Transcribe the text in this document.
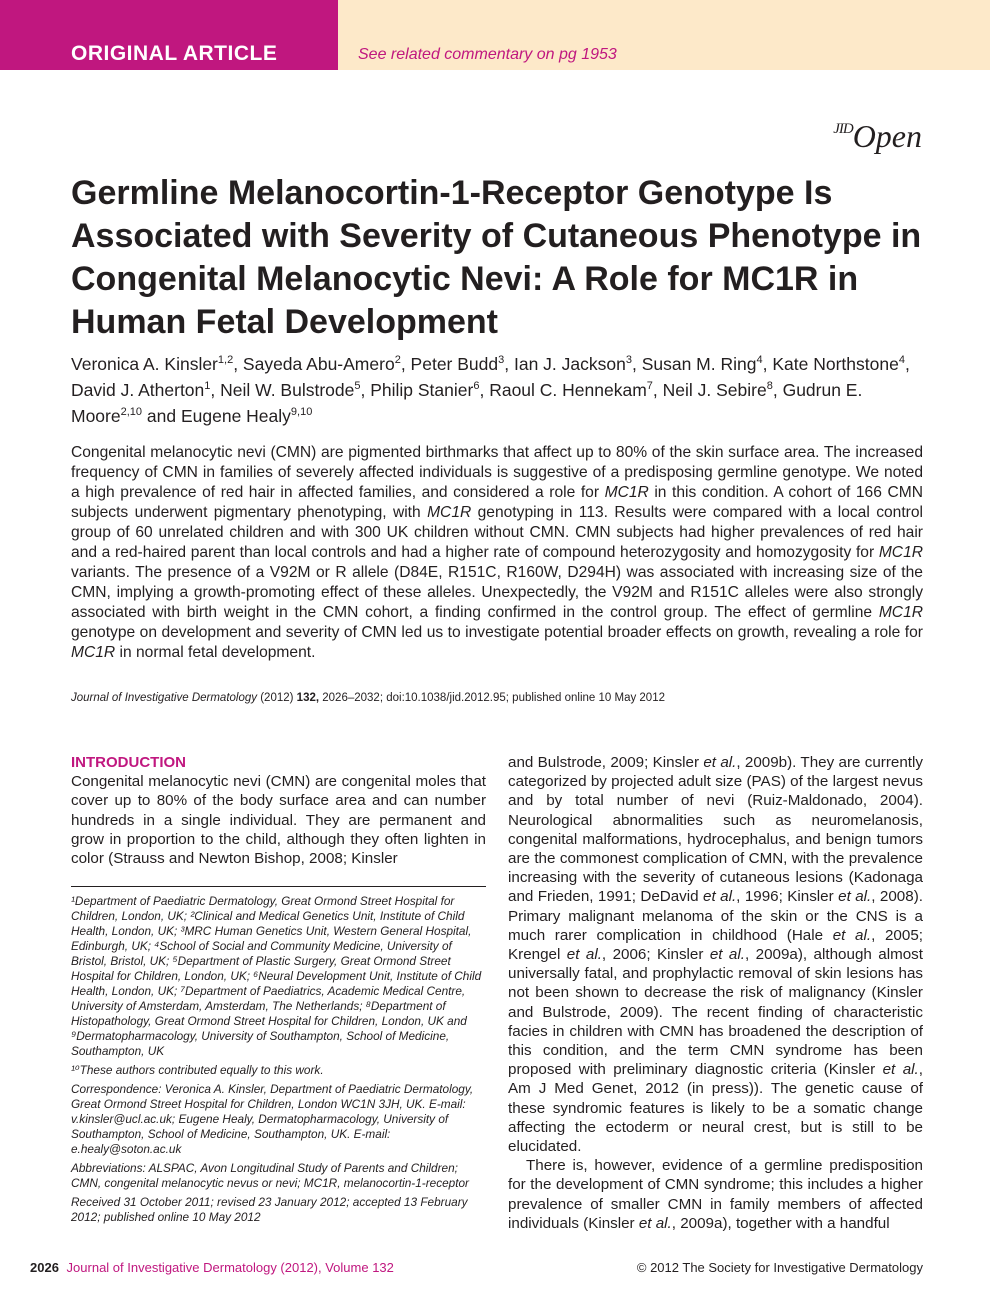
ORIGINAL ARTICLE	See related commentary on pg 1953
JIDOpen
Germline Melanocortin-1-Receptor Genotype Is Associated with Severity of Cutaneous Phenotype in Congenital Melanocytic Nevi: A Role for MC1R in Human Fetal Development
Veronica A. Kinsler$^{1,2}$, Sayeda Abu-Amero$^2$, Peter Budd$^3$, Ian J. Jackson$^3$, Susan M. Ring$^4$, Kate Northstone$^4$, David J. Atherton$^1$, Neil W. Bulstrode$^5$, Philip Stanier$^6$, Raoul C. Hennekam$^7$, Neil J. Sebire$^8$, Gudrun E. Moore$^{2,10}$ and Eugene Healy$^{9,10}$
Congenital melanocytic nevi (CMN) are pigmented birthmarks that affect up to 80% of the skin surface area. The increased frequency of CMN in families of severely affected individuals is suggestive of a predisposing germline genotype. We noted a high prevalence of red hair in affected families, and considered a role for MC1R in this condition. A cohort of 166 CMN subjects underwent pigmentary phenotyping, with MC1R genotyping in 113. Results were compared with a local control group of 60 unrelated children and with 300 UK children without CMN. CMN subjects had higher prevalences of red hair and a red-haired parent than local controls and had a higher rate of compound heterozygosity and homozygosity for MC1R variants. The presence of a V92M or R allele (D84E, R151C, R160W, D294H) was associated with increasing size of the CMN, implying a growth-promoting effect of these alleles. Unexpectedly, the V92M and R151C alleles were also strongly associated with birth weight in the CMN cohort, a finding confirmed in the control group. The effect of germline MC1R genotype on development and severity of CMN led us to investigate potential broader effects on growth, revealing a role for MC1R in normal fetal development.
Journal of Investigative Dermatology (2012) 132, 2026–2032; doi:10.1038/jid.2012.95; published online 10 May 2012
INTRODUCTION

Congenital melanocytic nevi (CMN) are congenital moles that cover up to 80% of the body surface area and can number hundreds in a single individual. They are permanent and grow in proportion to the child, although they often lighten in color (Strauss and Newton Bishop, 2008; Kinsler

¹Department of Paediatric Dermatology, Great Ormond Street Hospital for Children, London, UK; ²Clinical and Medical Genetics Unit, Institute of Child Health, London, UK; ³MRC Human Genetics Unit, Western General Hospital, Edinburgh, UK; ⁴School of Social and Community Medicine, University of Bristol, Bristol, UK; ⁵Department of Plastic Surgery, Great Ormond Street Hospital for Children, London, UK; ⁶Neural Development Unit, Institute of Child Health, London, UK; ⁷Department of Paediatrics, Academic Medical Centre, University of Amsterdam, Amsterdam, The Netherlands; ⁸Department of Histopathology, Great Ormond Street Hospital for Children, London, UK and ⁹Dermatopharmacology, University of Southampton, School of Medicine, Southampton, UK

¹⁰These authors contributed equally to this work.

Correspondence: Veronica A. Kinsler, Department of Paediatric Dermatology, Great Ormond Street Hospital for Children, London WC1N 3JH, UK. E-mail: v.kinsler@ucl.ac.uk; Eugene Healy, Dermatopharmacology, University of Southampton, School of Medicine, Southampton, UK. E-mail: e.healy@soton.ac.uk

Abbreviations: ALSPAC, Avon Longitudinal Study of Parents and Children; CMN, congenital melanocytic nevus or nevi; MC1R, melanocortin-1-receptor

Received 31 October 2011; revised 23 January 2012; accepted 13 February 2012; published online 10 May 2012

and Bulstrode, 2009; Kinsler et al., 2009b). They are currently categorized by projected adult size (PAS) of the largest nevus and by total number of nevi (Ruiz-Maldonado, 2004). Neurological abnormalities such as neuromelanosis, congenital malformations, hydrocephalus, and benign tumors are the commonest complication of CMN, with the prevalence increasing with the severity of cutaneous lesions (Kadonaga and Frieden, 1991; DeDavid et al., 1996; Kinsler et al., 2008). Primary malignant melanoma of the skin or the CNS is a much rarer complication in childhood (Hale et al., 2005; Krengel et al., 2006; Kinsler et al., 2009a), although almost universally fatal, and prophylactic removal of skin lesions has not been shown to decrease the risk of malignancy (Kinsler and Bulstrode, 2009). The recent finding of characteristic facies in children with CMN has broadened the description of this condition, and the term CMN syndrome has been proposed with preliminary diagnostic criteria (Kinsler et al., Am J Med Genet, 2012 (in press)). The genetic cause of these syndromic features is likely to be a somatic change affecting the ectoderm or neural crest, but is still to be elucidated.

There is, however, evidence of a germline predisposition for the development of CMN syndrome; this includes a higher prevalence of smaller CMN in family members of affected individuals (Kinsler et al., 2009a), together with a handful

2026 Journal of Investigative Dermatology (2012), Volume 132	© 2012 The Society for Investigative Dermatology
